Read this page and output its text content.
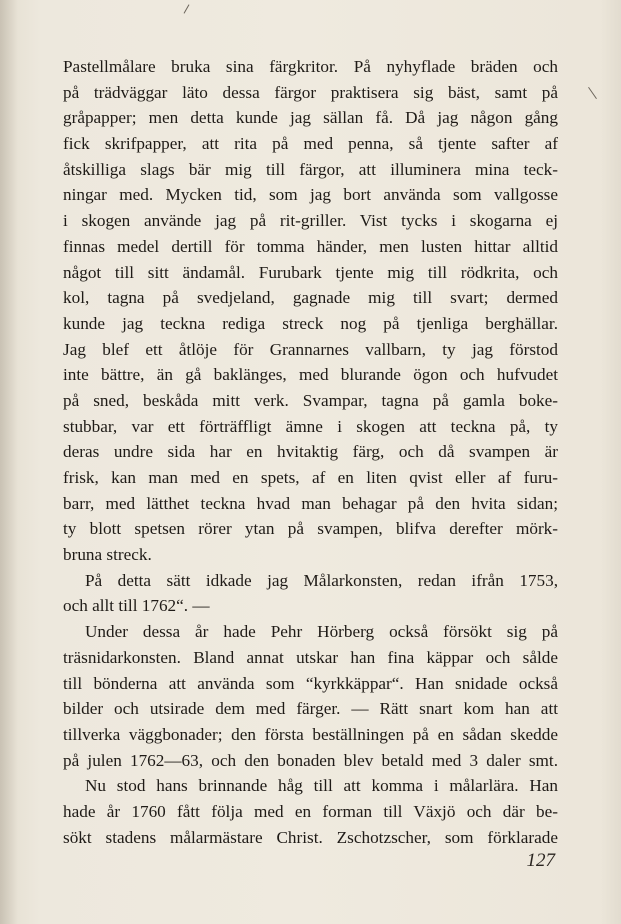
Pastellmålare bruka sina färgkritor. På nyhyflade bräden och
på trädväggar läto dessa färgor praktisera sig bäst, samt på
gråpapper; men detta kunde jag sällan få. Då jag någon gång
fick skrifpapper, att rita på med penna, så tjente safter af
åtskilliga slags bär mig till färgor, att illuminera mina teck-
ningar med. Mycken tid, som jag bort använda som vallgosse
i skogen använde jag på rit-griller. Vist tycks i skogarna ej
finnas medel dertill för tomma händer, men lusten hittar alltid
något till sitt ändamål. Furubark tjente mig till rödkrita, och
kol, tagna på svedjeland, gagnade mig till svart; dermed
kunde jag teckna rediga streck nog på tjenliga berghällar.
Jag blef ett åtlöje för Grannarnes vallbarn, ty jag förstod
inte bättre, än gå baklänges, med blurande ögon och hufvudet
på sned, beskåda mitt verk. Svampar, tagna på gamla boke-
stubbar, var ett förträffligt ämne i skogen att teckna på, ty
deras undre sida har en hvitaktig färg, och då svampen är
frisk, kan man med en spets, af en liten qvist eller af furu-
barr, med lätthet teckna hvad man behagar på den hvita sidan;
ty blott spetsen rörer ytan på svampen, blifva derefter mörk-
bruna streck.
På detta sätt idkade jag Målarkonsten, redan ifrån 1753,
och allt till 1762“. —
Under dessa år hade Pehr Hörberg också försökt sig på
träsnidarkonsten. Bland annat utskar han fina käppar och sålde
till bönderna att använda som “kyrkkäppar“. Han snidade också
bilder och utsirade dem med färger. — Rätt snart kom han att
tillverka väggbonader; den första beställningen på en sådan skedde
på julen 1762—63, och den bonaden blev betald med 3 daler smt.
Nu stod hans brinnande håg till att komma i målarlära. Han
hade år 1760 fått följa med en forman till Växjö och där be-
sökt stadens målarmästare Christ. Zschotzscher, som förklarade
127
